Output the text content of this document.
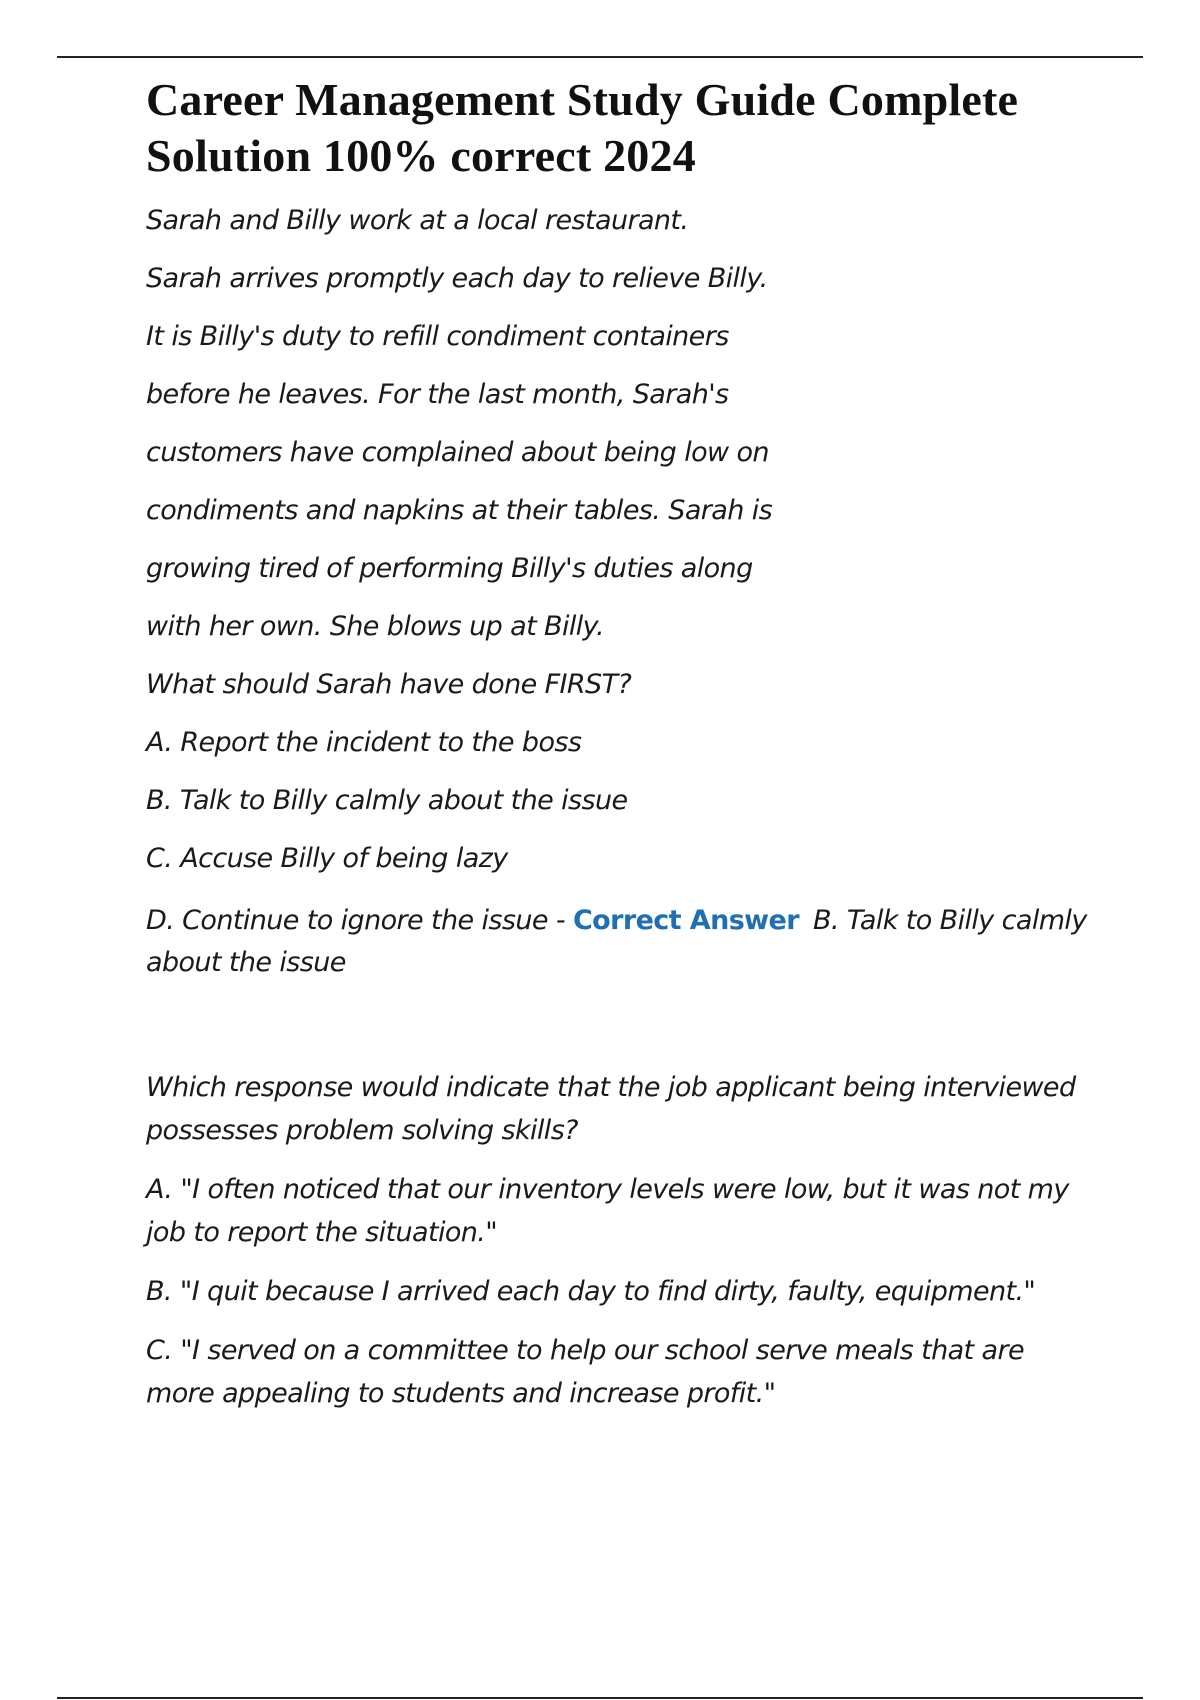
Career Management Study Guide Complete Solution 100% correct 2024
Sarah and Billy work at a local restaurant.
Sarah arrives promptly each day to relieve Billy.
It is Billy's duty to refill condiment containers
before he leaves. For the last month, Sarah's
customers have complained about being low on
condiments and napkins at their tables. Sarah is
growing tired of performing Billy's duties along
with her own. She blows up at Billy.
What should Sarah have done FIRST?
A. Report the incident to the boss
B. Talk to Billy calmly about the issue
C. Accuse Billy of being lazy
D. Continue to ignore the issue - Correct Answer B. Talk to Billy calmly about the issue
Which response would indicate that the job applicant being interviewed possesses problem solving skills?
A. "I often noticed that our inventory levels were low, but it was not my job to report the situation."
B. "I quit because I arrived each day to find dirty, faulty, equipment."
C. "I served on a committee to help our school serve meals that are more appealing to students and increase profit."
